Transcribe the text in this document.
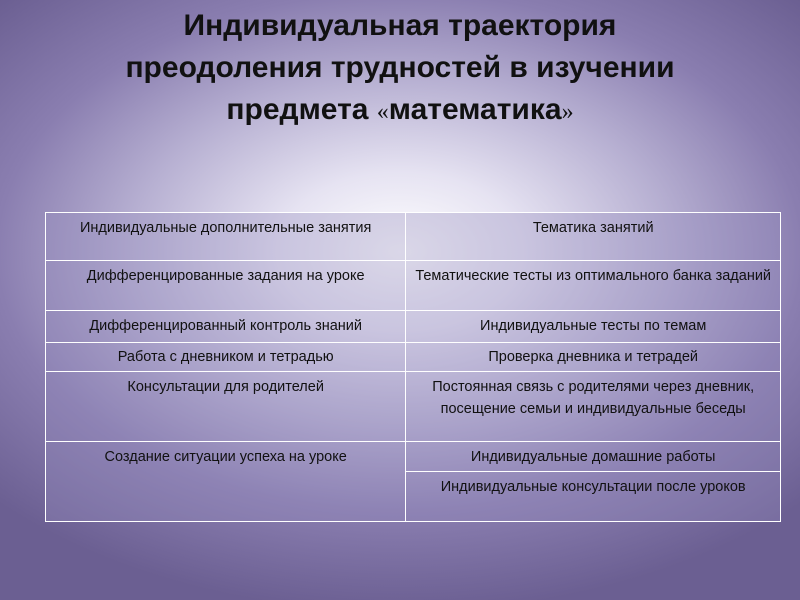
Индивидуальная траектория
преодоления трудностей в изучении
предмета «математика»
Индивидуальные дополнительные занятия	Тематика занятий
Дифференцированные задания на уроке	Тематические тесты из оптимального банка заданий

Дифференцированный контроль знаний	Индивидуальные тесты по темам
Работа с дневником и тетрадью	Проверка дневника и тетрадей
Консультации для родителей	Постоянная связь с родителями через дневник, посещение семьи и индивидуальные беседы
Создание ситуации успеха на уроке	Индивидуальные домашние работы
	Индивидуальные консультации после уроков
